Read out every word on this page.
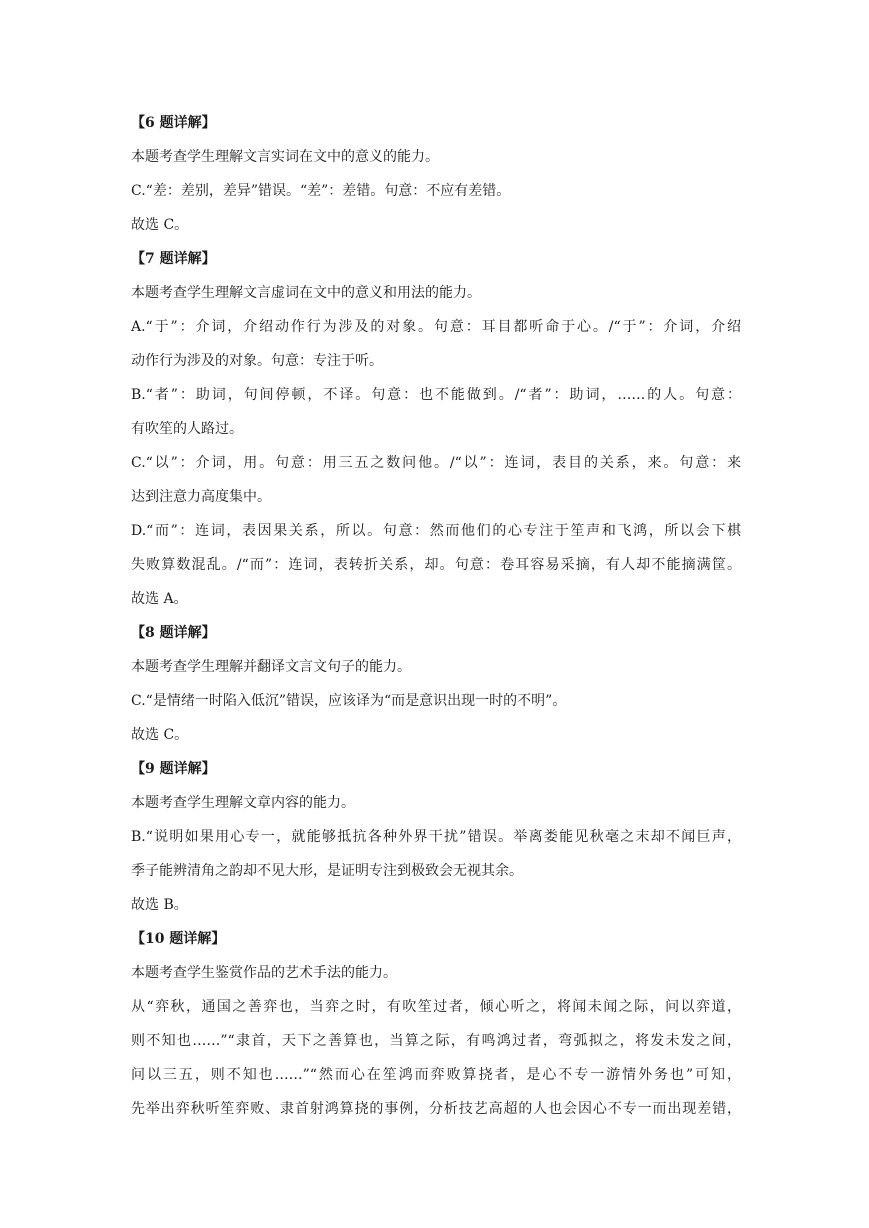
【6 题详解】
本题考查学生理解文言实词在文中的意义的能力。
C.“差：差别，差异”错误。“差”：差错。句意：不应有差错。
故选 C。
【7 题详解】
本题考查学生理解文言虚词在文中的意义和用法的能力。
A.“于”：介词，介绍动作行为涉及的对象。句意：耳目都听命于心。/“于”：介词，介绍
动作行为涉及的对象。句意：专注于听。
B.“者”：助词，句间停顿，不译。句意：也不能做到。/“者”：助词，……的人。句意：
有吹笙的人路过。
C.“以”：介词，用。句意：用三五之数问他。/“以”：连词，表目的关系，来。句意：来
达到注意力高度集中。
D.“而”：连词，表因果关系，所以。句意：然而他们的心专注于笙声和飞鸿，所以会下棋
失败算数混乱。/“而”：连词，表转折关系，却。句意：卷耳容易采摘，有人却不能摘满筐。
故选 A。
【8 题详解】
本题考查学生理解并翻译文言文句子的能力。
C.“是情绪一时陷入低沉”错误，应该译为“而是意识出现一时的不明”。
故选 C。
【9 题详解】
本题考查学生理解文章内容的能力。
B.“说明如果用心专一，就能够抵抗各种外界干扰”错误。举离娄能见秋毫之末却不闻巨声，
季子能辨清角之韵却不见大形，是证明专注到极致会无视其余。
故选 B。
【10 题详解】
本题考查学生鉴赏作品的艺术手法的能力。
从“弈秋，通国之善弈也，当弈之时，有吹笙过者，倾心听之，将闻未闻之际，问以弈道，
则不知也……”“隶首，天下之善算也，当算之际，有鸣鸿过者，弯弧拟之，将发未发之间，
问以三五，则不知也……”“然而心在笙鸿而弈败算挠者，是心不专一游情外务也”可知，
先举出弈秋听笙弈败、隶首射鸿算挠的事例，分析技艺高超的人也会因心不专一而出现差错，
